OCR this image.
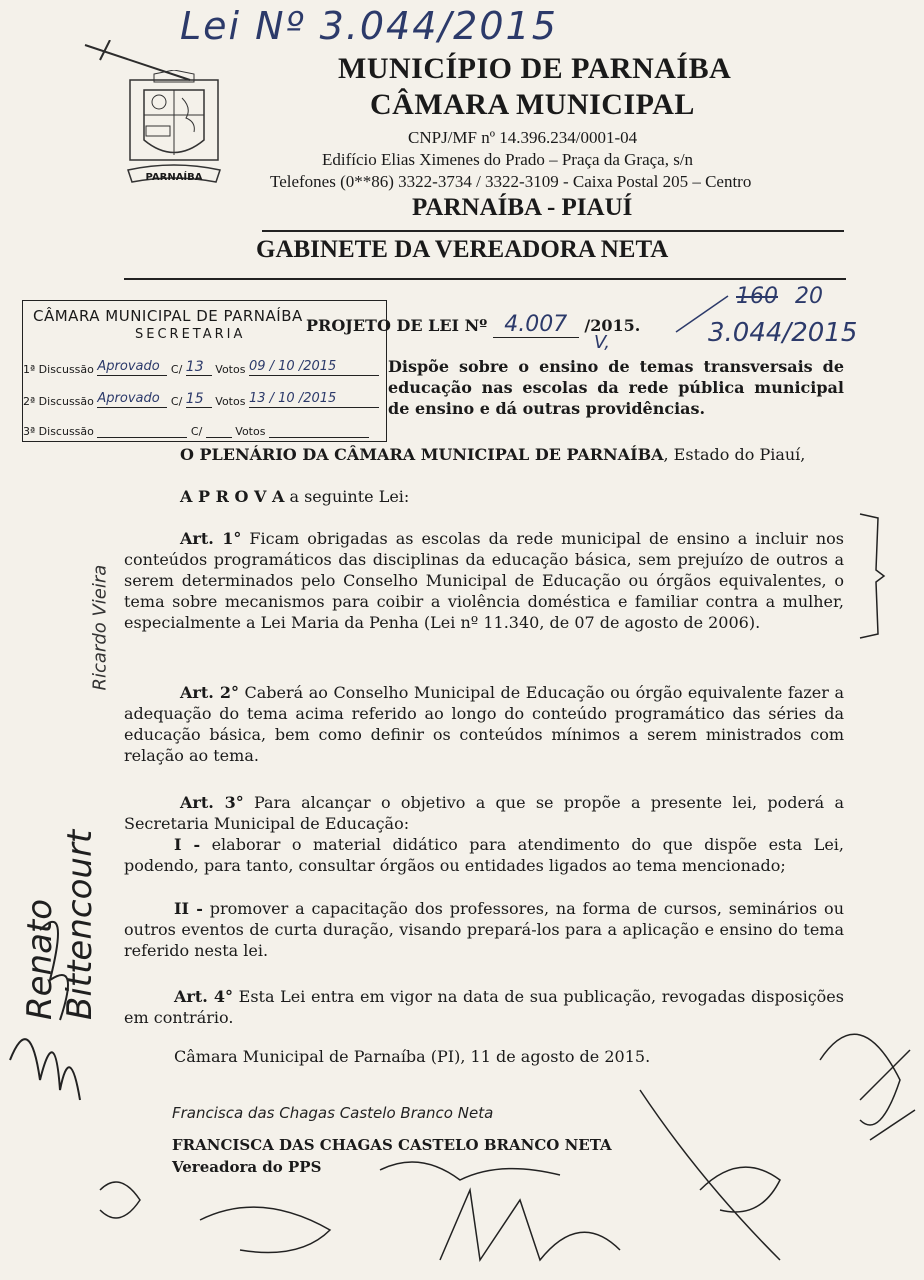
Lei Nº 3.044/2015
PARNAÍBA
MUNICÍPIO DE PARNAÍBA
CÂMARA MUNICIPAL
CNPJ/MF nº 14.396.234/0001-04
Edifício Elias Ximenes do Prado – Praça da Graça, s/n
Telefones (0**86) 3322-3734 / 3322-3109 - Caixa Postal 205 – Centro
PARNAÍBA - PIAUÍ
GABINETE DA VEREADORA NETA
160 20
3.044/2015
V,
CÂMARA MUNICIPAL DE PARNAÍBA
SECRETARIA
1ª Discussão Aprovado C/ 13 Votos 09 / 10 /2015
2ª Discussão Aprovado C/ 15 Votos 13 / 10 /2015
3ª Discussão	C/	Votos
PROJETO DE LEI Nº 4.007 /2015.
Dispõe sobre o ensino de temas transversais de educação nas escolas da rede pública municipal de ensino e dá outras providências.
O PLENÁRIO DA CÂMARA MUNICIPAL DE PARNAÍBA, Estado do Piauí,
A P R O V A a seguinte Lei:
Art. 1° Ficam obrigadas as escolas da rede municipal de ensino a incluir nos conteúdos programáticos das disciplinas da educação básica, sem prejuízo de outros a serem determinados pelo Conselho Municipal de Educação ou órgãos equivalentes, o tema sobre mecanismos para coibir a violência doméstica e familiar contra a mulher, especialmente a Lei Maria da Penha (Lei nº 11.340, de 07 de agosto de 2006).
Art. 2° Caberá ao Conselho Municipal de Educação ou órgão equivalente fazer a adequação do tema acima referido ao longo do conteúdo programático das séries da educação básica, bem como definir os conteúdos mínimos a serem ministrados com relação ao tema.
Art. 3° Para alcançar o objetivo a que se propõe a presente lei, poderá a Secretaria Municipal de Educação:
I - elaborar o material didático para atendimento do que dispõe esta Lei, podendo, para tanto, consultar órgãos ou entidades ligados ao tema mencionado;
II - promover a capacitação dos professores, na forma de cursos, seminários ou outros eventos de curta duração, visando prepará-los para a aplicação e ensino do tema referido nesta lei.
Art. 4° Esta Lei entra em vigor na data de sua publicação, revogadas disposições em contrário.
Câmara Municipal de Parnaíba (PI), 11 de agosto de 2015.
Francisca das Chagas Castelo Branco Neta
FRANCISCA DAS CHAGAS CASTELO BRANCO NETA
Vereadora do PPS
Renato Bittencourt
Ricardo Vieira
